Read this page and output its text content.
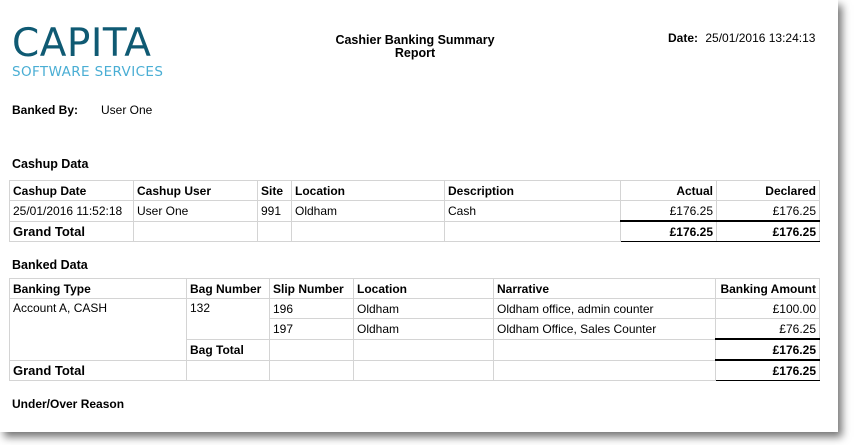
CAPITA
SOFTWARE SERVICES
Cashier Banking Summary
Report
Date: 25/01/2016 13:24:13
Banked By: User One
Cashup Data
Cashup Date	Cashup User	Site	Location	Description	Actual	Declared
25/01/2016 11:52:18	User One	991	Oldham	Cash	£176.25	£176.25
Grand Total					£176.25	£176.25
Banked Data
Banking Type	Bag Number	Slip Number	Location	Narrative	Banking Amount
Account A, CASH	132	196	Oldham	Oldham office, admin counter	£100.00
		197	Oldham	Oldham Office, Sales Counter	£76.25
	Bag Total				£176.25
Grand Total					£176.25
Under/Over Reason
